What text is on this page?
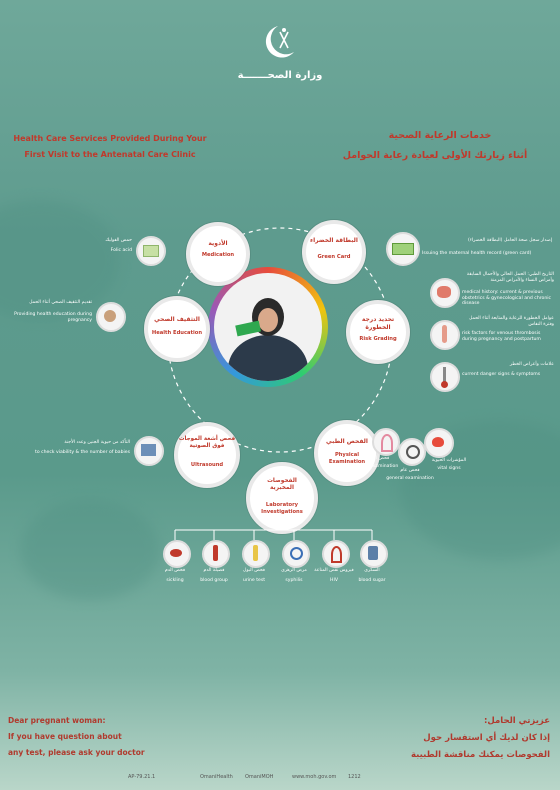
وزارة الصحـــــــة
Health Care Services Provided During Your
First Visit to the Antenatal Care Clinic
خدمات الرعاية الصحية
أثناء زيارتك الأولى لعيادة رعاية الحوامل
الأدوية
Medication
البطاقة الخضراء
Green Card
التثقيف الصحي
Health Education
تحديد درجة الخطورة
Risk Grading
فحص أشعة الموجات فوق الصوتية
Ultrasound
الفحص الطبي
Physical Examination
الفحوصات المخبرية
Laboratory Investigations
حمض الفوليك
Folic acid
إصدار سجل صحة الحامل (البطاقة الخضراء)
Issuing the maternal health record (green card)
التاريخ الطبي: الحمل الحالي والأحمال السابقة وأمراض النساء والأمراض المزمنة
medical history: current & previous obstetrics & gynecological and chronic disease
عوامل الخطورة للرعاية والمتابعة أثناء الحمل وفترة النفاس
risk factors for venous thrombosis during pregnancy and postpartum
علامات وأعراض الخطر
current danger signs & symptoms
تقديم التثقيف الصحي أثناء الحمل
Providing health education during pregnancy
التأكد من حيوية الجنين وعدد الأجنة
to check viability & the number of babies
فحص الثدي
breast examination
فحص عام
general examination
المؤشرات الحيوية
vital signs
فحص الدم
sickling
فصيلة الدم
blood group
فحص البول
urine test
مرض الزهري
syphilis
فيروس نقص المناعة
HIV
السكري
blood sugar
Dear pregnant woman:
If you have question about
any test, please ask your doctor
عزيزتي الحامل:
إذا كان لديك أي استفسار حول
الفحوصات يمكنك مناقشة الطبيبة
AP-79.21.1	OmaniHealth OmaniMOH	www.moh.gov.om 1212
